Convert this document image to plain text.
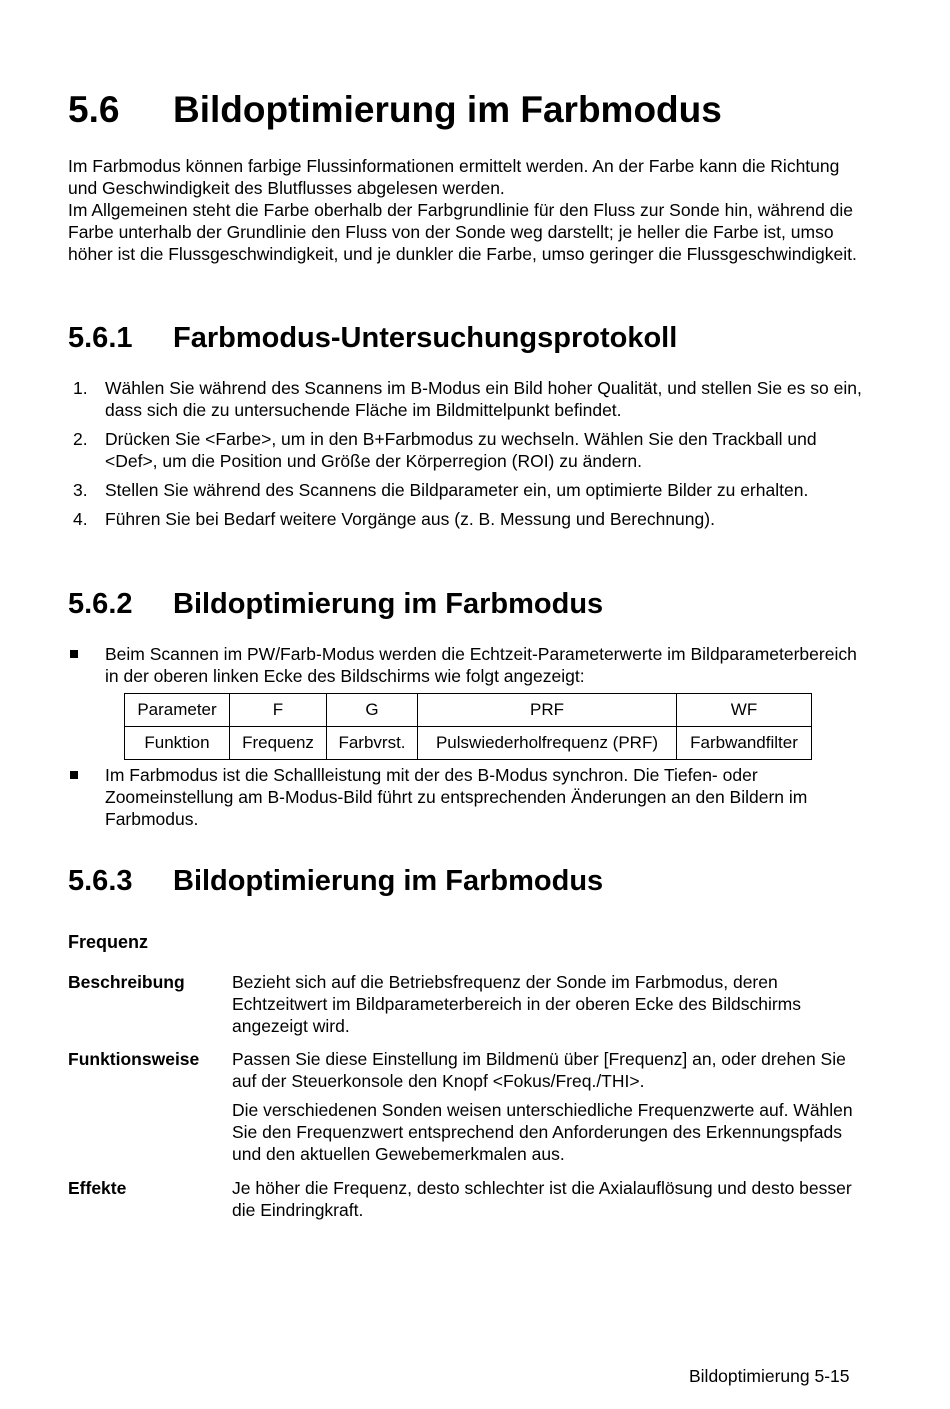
5.6 Bildoptimierung im Farbmodus

Im Farbmodus können farbige Flussinformationen ermittelt werden. An der Farbe kann die Richtung und Geschwindigkeit des Blutflusses abgelesen werden.

Im Allgemeinen steht die Farbe oberhalb der Farbgrundlinie für den Fluss zur Sonde hin, während die Farbe unterhalb der Grundlinie den Fluss von der Sonde weg darstellt; je heller die Farbe ist, umso höher ist die Flussgeschwindigkeit, und je dunkler die Farbe, umso geringer die Flussgeschwindigkeit.

5.6.1 Farbmodus-Untersuchungsprotokoll
1. Wählen Sie während des Scannens im B-Modus ein Bild hoher Qualität, und stellen Sie es so ein, dass sich die zu untersuchende Fläche im Bildmittelpunkt befindet.
2. Drücken Sie <Farbe>, um in den B+Farbmodus zu wechseln. Wählen Sie den Trackball und <Def>, um die Position und Größe der Körperregion (ROI) zu ändern.
3. Stellen Sie während des Scannens die Bildparameter ein, um optimierte Bilder zu erhalten.
4. Führen Sie bei Bedarf weitere Vorgänge aus (z. B. Messung und Berechnung).
5.6.2 Bildoptimierung im Farbmodus

Beim Scannen im PW/Farb-Modus werden die Echtzeit-Parameterwerte im Bildparameterbereich in der oberen linken Ecke des Bildschirms wie folgt angezeigt:

Parameter	F	G	PRF	WF
Funktion	Frequenz	Farbvrst.	Pulswiederholfrequenz (PRF)	Farbwandfilter

Im Farbmodus ist die Schallleistung mit der des B-Modus synchron. Die Tiefen- oder Zoomeinstellung am B-Modus-Bild führt zu entsprechenden Änderungen an den Bildern im Farbmodus.

5.6.3 Bildoptimierung im Farbmodus

Frequenz

Beschreibung	Bezieht sich auf die Betriebsfrequenz der Sonde im Farbmodus, deren Echtzeitwert im Bildparameterbereich in der oberen Ecke des Bildschirms angezeigt wird.

Funktionsweise Passen Sie diese Einstellung im Bildmenü über [Frequenz] an, oder drehen Sie auf der Steuerkonsole den Knopf <Fokus/Freq./THI>.

Die verschiedenen Sonden weisen unterschiedliche Frequenzwerte auf. Wählen Sie den Frequenzwert entsprechend den Anforderungen des Erkennungspfads und den aktuellen Gewebemerkmalen aus.

Effekte	Je höher die Frequenz, desto schlechter ist die Axialauflösung und desto besser die Eindringkraft.

Bildoptimierung 5-15
